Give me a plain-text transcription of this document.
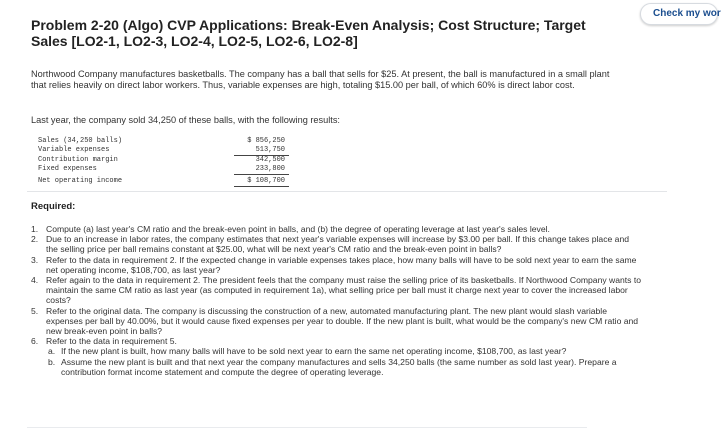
Check my wor
Problem 2-20 (Algo) CVP Applications: Break-Even Analysis; Cost Structure; Target Sales [LO2-1, LO2-3, LO2-4, LO2-5, LO2-6, LO2-8]
Northwood Company manufactures basketballs. The company has a ball that sells for $25. At present, the ball is manufactured in a small plant that relies heavily on direct labor workers. Thus, variable expenses are high, totaling $15.00 per ball, of which 60% is direct labor cost.
Last year, the company sold 34,250 of these balls, with the following results:
Sales (34,250 balls)	$ 856,250
Variable expenses	513,750
Contribution margin	342,500
Fixed expenses	233,800
Net operating income	$ 108,700
Required:
1. Compute (a) last year's CM ratio and the break-even point in balls, and (b) the degree of operating leverage at last year's sales level.
2. Due to an increase in labor rates, the company estimates that next year's variable expenses will increase by $3.00 per ball. If this change takes place and the selling price per ball remains constant at $25.00, what will be next year's CM ratio and the break-even point in balls?
3. Refer to the data in requirement 2. If the expected change in variable expenses takes place, how many balls will have to be sold next year to earn the same net operating income, $108,700, as last year?
4. Refer again to the data in requirement 2. The president feels that the company must raise the selling price of its basketballs. If Northwood Company wants to maintain the same CM ratio as last year (as computed in requirement 1a), what selling price per ball must it charge next year to cover the increased labor costs?
5. Refer to the original data. The company is discussing the construction of a new, automated manufacturing plant. The new plant would slash variable expenses per ball by 40.00%, but it would cause fixed expenses per year to double. If the new plant is built, what would be the company's new CM ratio and new break-even point in balls?
6. Refer to the data in requirement 5.
a. If the new plant is built, how many balls will have to be sold next year to earn the same net operating income, $108,700, as last year?
b. Assume the new plant is built and that next year the company manufactures and sells 34,250 balls (the same number as sold last year). Prepare a contribution format income statement and compute the degree of operating leverage.
